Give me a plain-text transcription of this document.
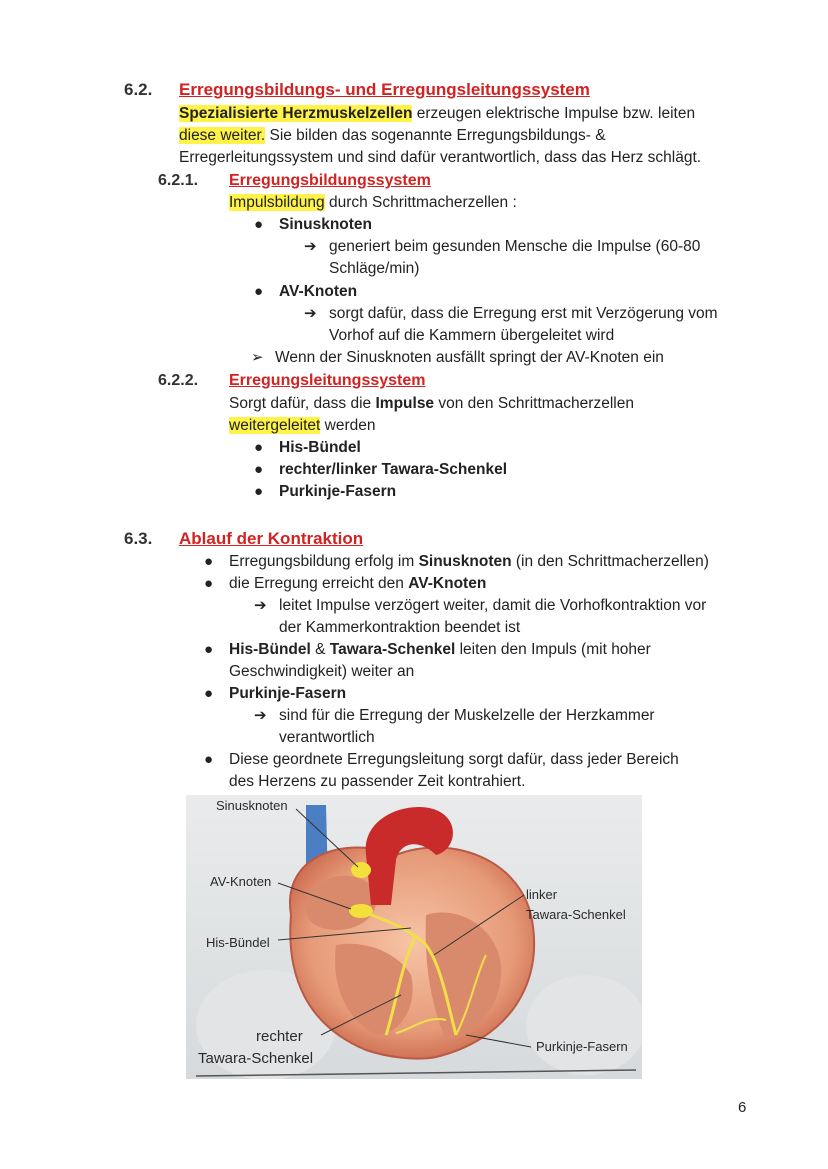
6.2. Erregungsbildungs- und Erregungsleitungssystem
Spezialisierte Herzmuskelzellen erzeugen elektrische Impulse bzw. leiten
diese weiter. Sie bilden das sogenannte Erregungsbildungs- &
Erregerleitungssystem und sind dafür verantwortlich, dass das Herz schlägt.
6.2.1. Erregungsbildungssystem
Impulsbildung durch Schrittmacherzellen :
● Sinusknoten
➔ generiert beim gesunden Mensche die Impulse (60-80
Schläge/min)
● AV-Knoten
➔ sorgt dafür, dass die Erregung erst mit Verzögerung vom
Vorhof auf die Kammern übergeleitet wird
➢ Wenn der Sinusknoten ausfällt springt der AV-Knoten ein
6.2.2. Erregungsleitungssystem
Sorgt dafür, dass die Impulse von den Schrittmacherzellen
weitergeleitet werden
● His-Bündel
● rechter/linker Tawara-Schenkel
● Purkinje-Fasern
6.3. Ablauf der Kontraktion
● Erregungsbildung erfolg im Sinusknoten (in den Schrittmacherzellen)
● die Erregung erreicht den AV-Knoten
➔ leitet Impulse verzögert weiter, damit die Vorhofkontraktion vor
der Kammerkontraktion beendet ist
● His-Bündel & Tawara-Schenkel leiten den Impuls (mit hoher
Geschwindigkeit) weiter an
● Purkinje-Fasern
➔ sind für die Erregung der Muskelzelle der Herzkammer
verantwortlich
● Diese geordnete Erregungsleitung sorgt dafür, dass jeder Bereich
des Herzens zu passender Zeit kontrahiert.
Sinusknoten
AV-Knoten
His-Bündel
linker
Tawara-Schenkel
rechter
Tawara-Schenkel
Purkinje-Fasern
6
